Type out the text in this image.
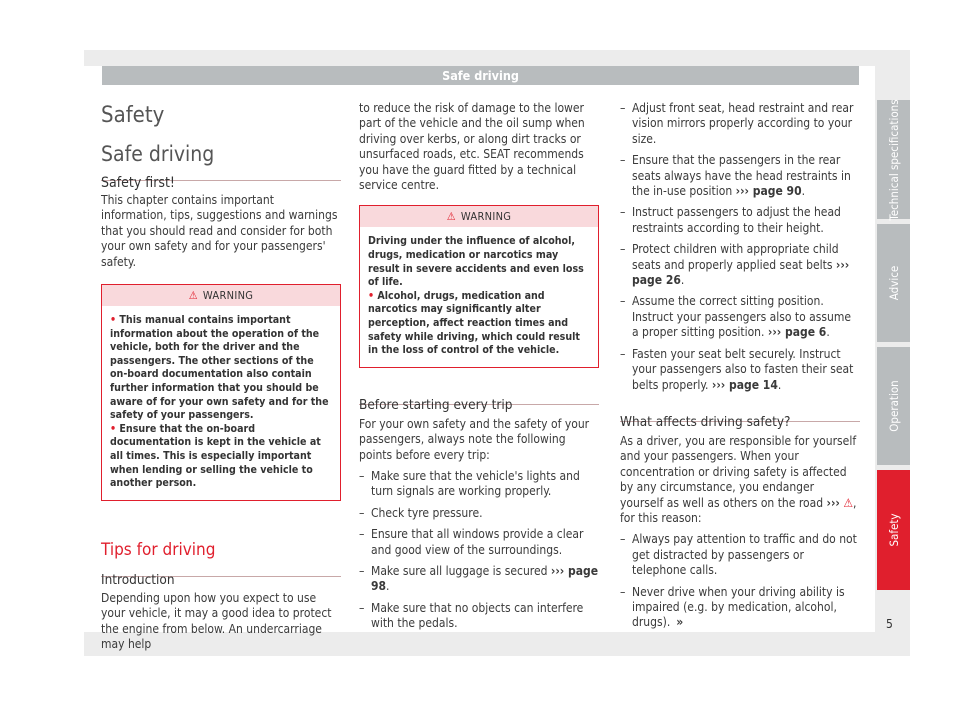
Safe driving
Safety
Safe driving
Safety first!

This chapter contains important information, tips, suggestions and warnings that you should read and consider for both your own safety and for your passengers' safety.

⚠ WARNING
• This manual contains important information about the operation of the vehicle, both for the driver and the passengers. The other sections of the on-board documentation also contain further information that you should be aware of for your own safety and for the safety of your passengers.
• Ensure that the on-board documentation is kept in the vehicle at all times. This is especially important when lending or selling the vehicle to another person.
Tips for driving
Introduction

Depending upon how you expect to use your vehicle, it may a good idea to protect the engine from below. An undercarriage may help

to reduce the risk of damage to the lower part of the vehicle and the oil sump when driving over kerbs, or along dirt tracks or unsurfaced roads, etc. SEAT recommends you have the guard fitted by a technical service centre.

⚠ WARNING
Driving under the influence of alcohol, drugs, medication or narcotics may result in severe accidents and even loss of life.
• Alcohol, drugs, medication and narcotics may significantly alter perception, affect reaction times and safety while driving, which could result in the loss of control of the vehicle.
Before starting every trip

For your own safety and the safety of your passengers, always note the following points before every trip:

– Make sure that the vehicle's lights and turn signals are working properly.
– Check tyre pressure.
– Ensure that all windows provide a clear and good view of the surroundings.
– Make sure all luggage is secured ››› page 98.
– Make sure that no objects can interfere with the pedals.
– Adjust front seat, head restraint and rear vision mirrors properly according to your size.
– Ensure that the passengers in the rear seats always have the head restraints in the in-use position ››› page 90.
– Instruct passengers to adjust the head restraints according to their height.
– Protect children with appropriate child seats and properly applied seat belts ››› page 26.
– Assume the correct sitting position. Instruct your passengers also to assume a proper sitting position. ››› page 6.
– Fasten your seat belt securely. Instruct your passengers also to fasten their seat belts properly. ››› page 14.
What affects driving safety?

As a driver, you are responsible for yourself and your passengers. When your concentration or driving safety is affected by any circumstance, you endanger yourself as well as others on the road ››› ⚠, for this reason:

– Always pay attention to traffic and do not get distracted by passengers or telephone calls.
– Never drive when your driving ability is impaired (e.g. by medication, alcohol, drugs). »
Technical specifications
Advice
Operation
Safety
5
